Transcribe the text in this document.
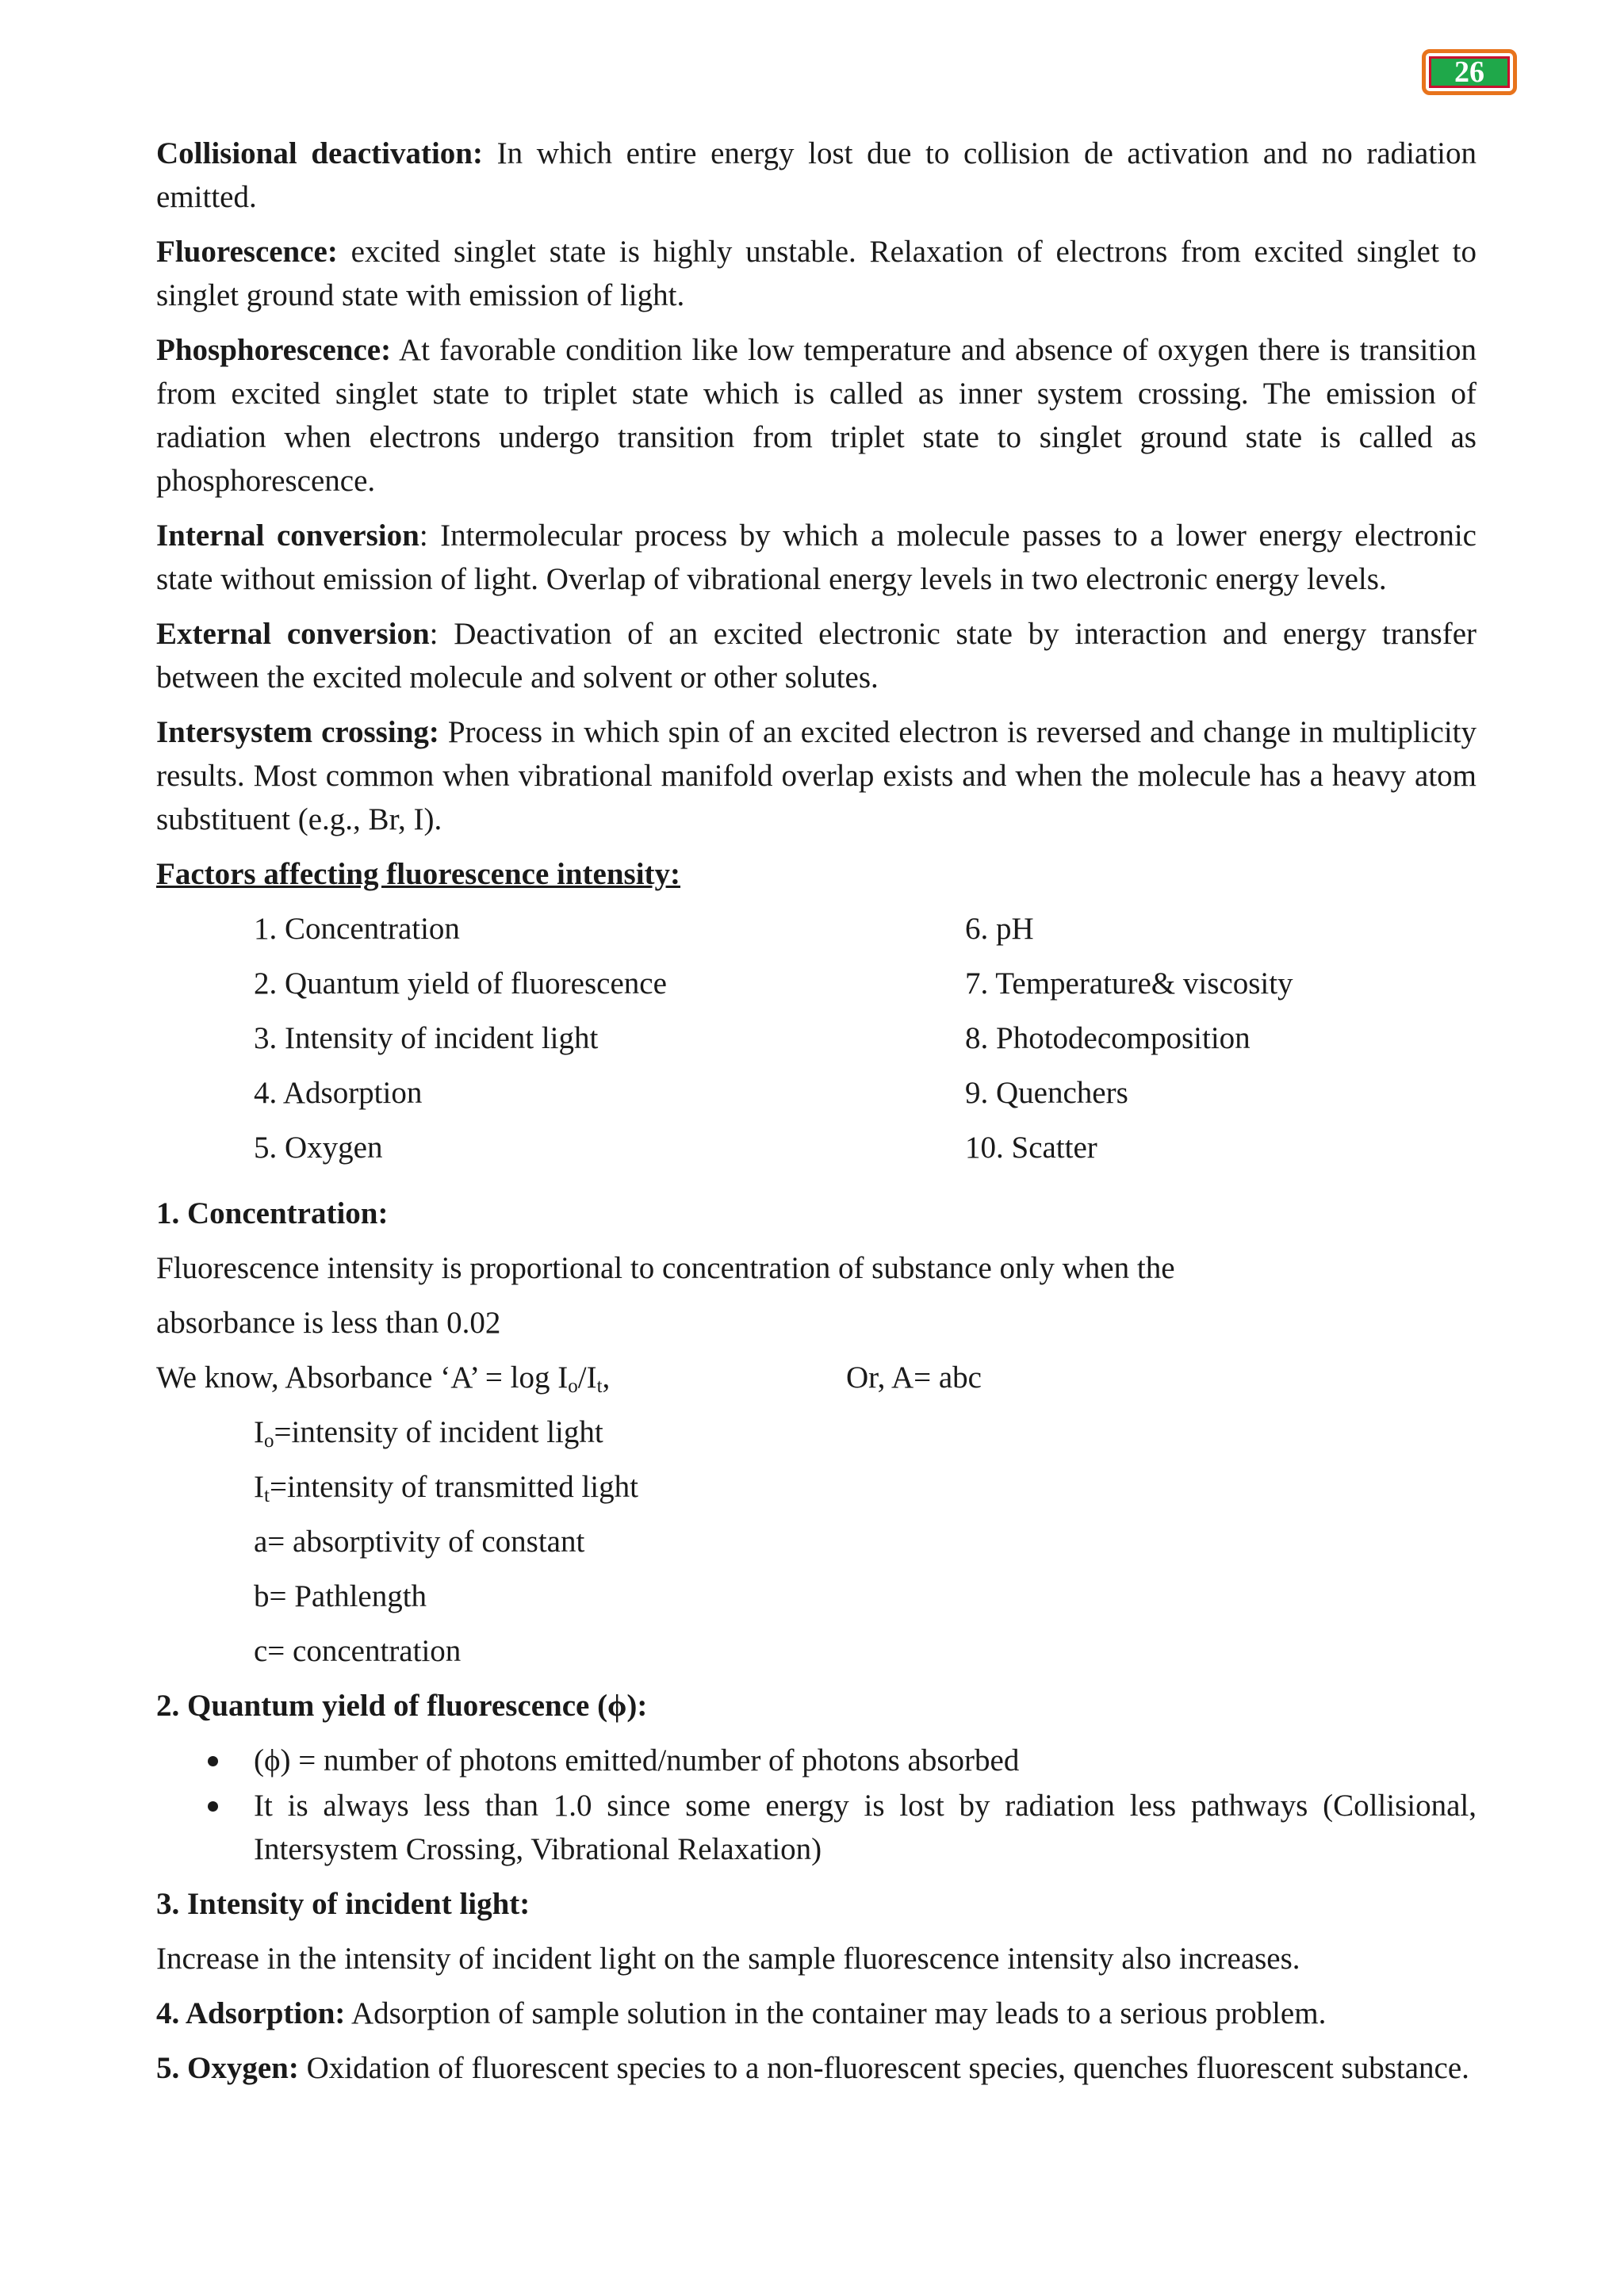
26

Collisional deactivation: In which entire energy lost due to collision de activation and no radiation emitted.

Fluorescence: excited singlet state is highly unstable. Relaxation of electrons from excited singlet to singlet ground state with emission of light.

Phosphorescence: At favorable condition like low temperature and absence of oxygen there is transition from excited singlet state to triplet state which is called as inner system crossing. The emission of radiation when electrons undergo transition from triplet state to singlet ground state is called as phosphorescence.

Internal conversion: Intermolecular process by which a molecule passes to a lower energy electronic state without emission of light. Overlap of vibrational energy levels in two electronic energy levels.

External conversion: Deactivation of an excited electronic state by interaction and energy transfer between the excited molecule and solvent or other solutes.

Intersystem crossing: Process in which spin of an excited electron is reversed and change in multiplicity results. Most common when vibrational manifold overlap exists and when the molecule has a heavy atom substituent (e.g., Br, I).

Factors affecting fluorescence intensity:
1. Concentration	6. pH
2. Quantum yield of fluorescence	7. Temperature& viscosity
3. Intensity of incident light	8. Photodecomposition
4. Adsorption	9. Quenchers
5. Oxygen	10. Scatter
1. Concentration:
Fluorescence intensity is proportional to concentration of substance only when the
absorbance is less than 0.02
We know, Absorbance ‘A’ = $\log I_o/I_t$,	Or, A= abc
$I_o=intensity$ of incident light
$I_t=intensity$ of transmitted light
a= absorptivity of constant
b= Pathlength
c= concentration
2. Quantum yield of fluorescence (ϕ):
(ϕ) = number of photons emitted/number of photons absorbed
It is always less than 1.0 since some energy is lost by radiation less pathways (Collisional, Intersystem Crossing, Vibrational Relaxation)
3. Intensity of incident light:

Increase in the intensity of incident light on the sample fluorescence intensity also increases.

4. Adsorption: Adsorption of sample solution in the container may leads to a serious problem.

5. Oxygen: Oxidation of fluorescent species to a non-fluorescent species, quenches fluorescent substance.
